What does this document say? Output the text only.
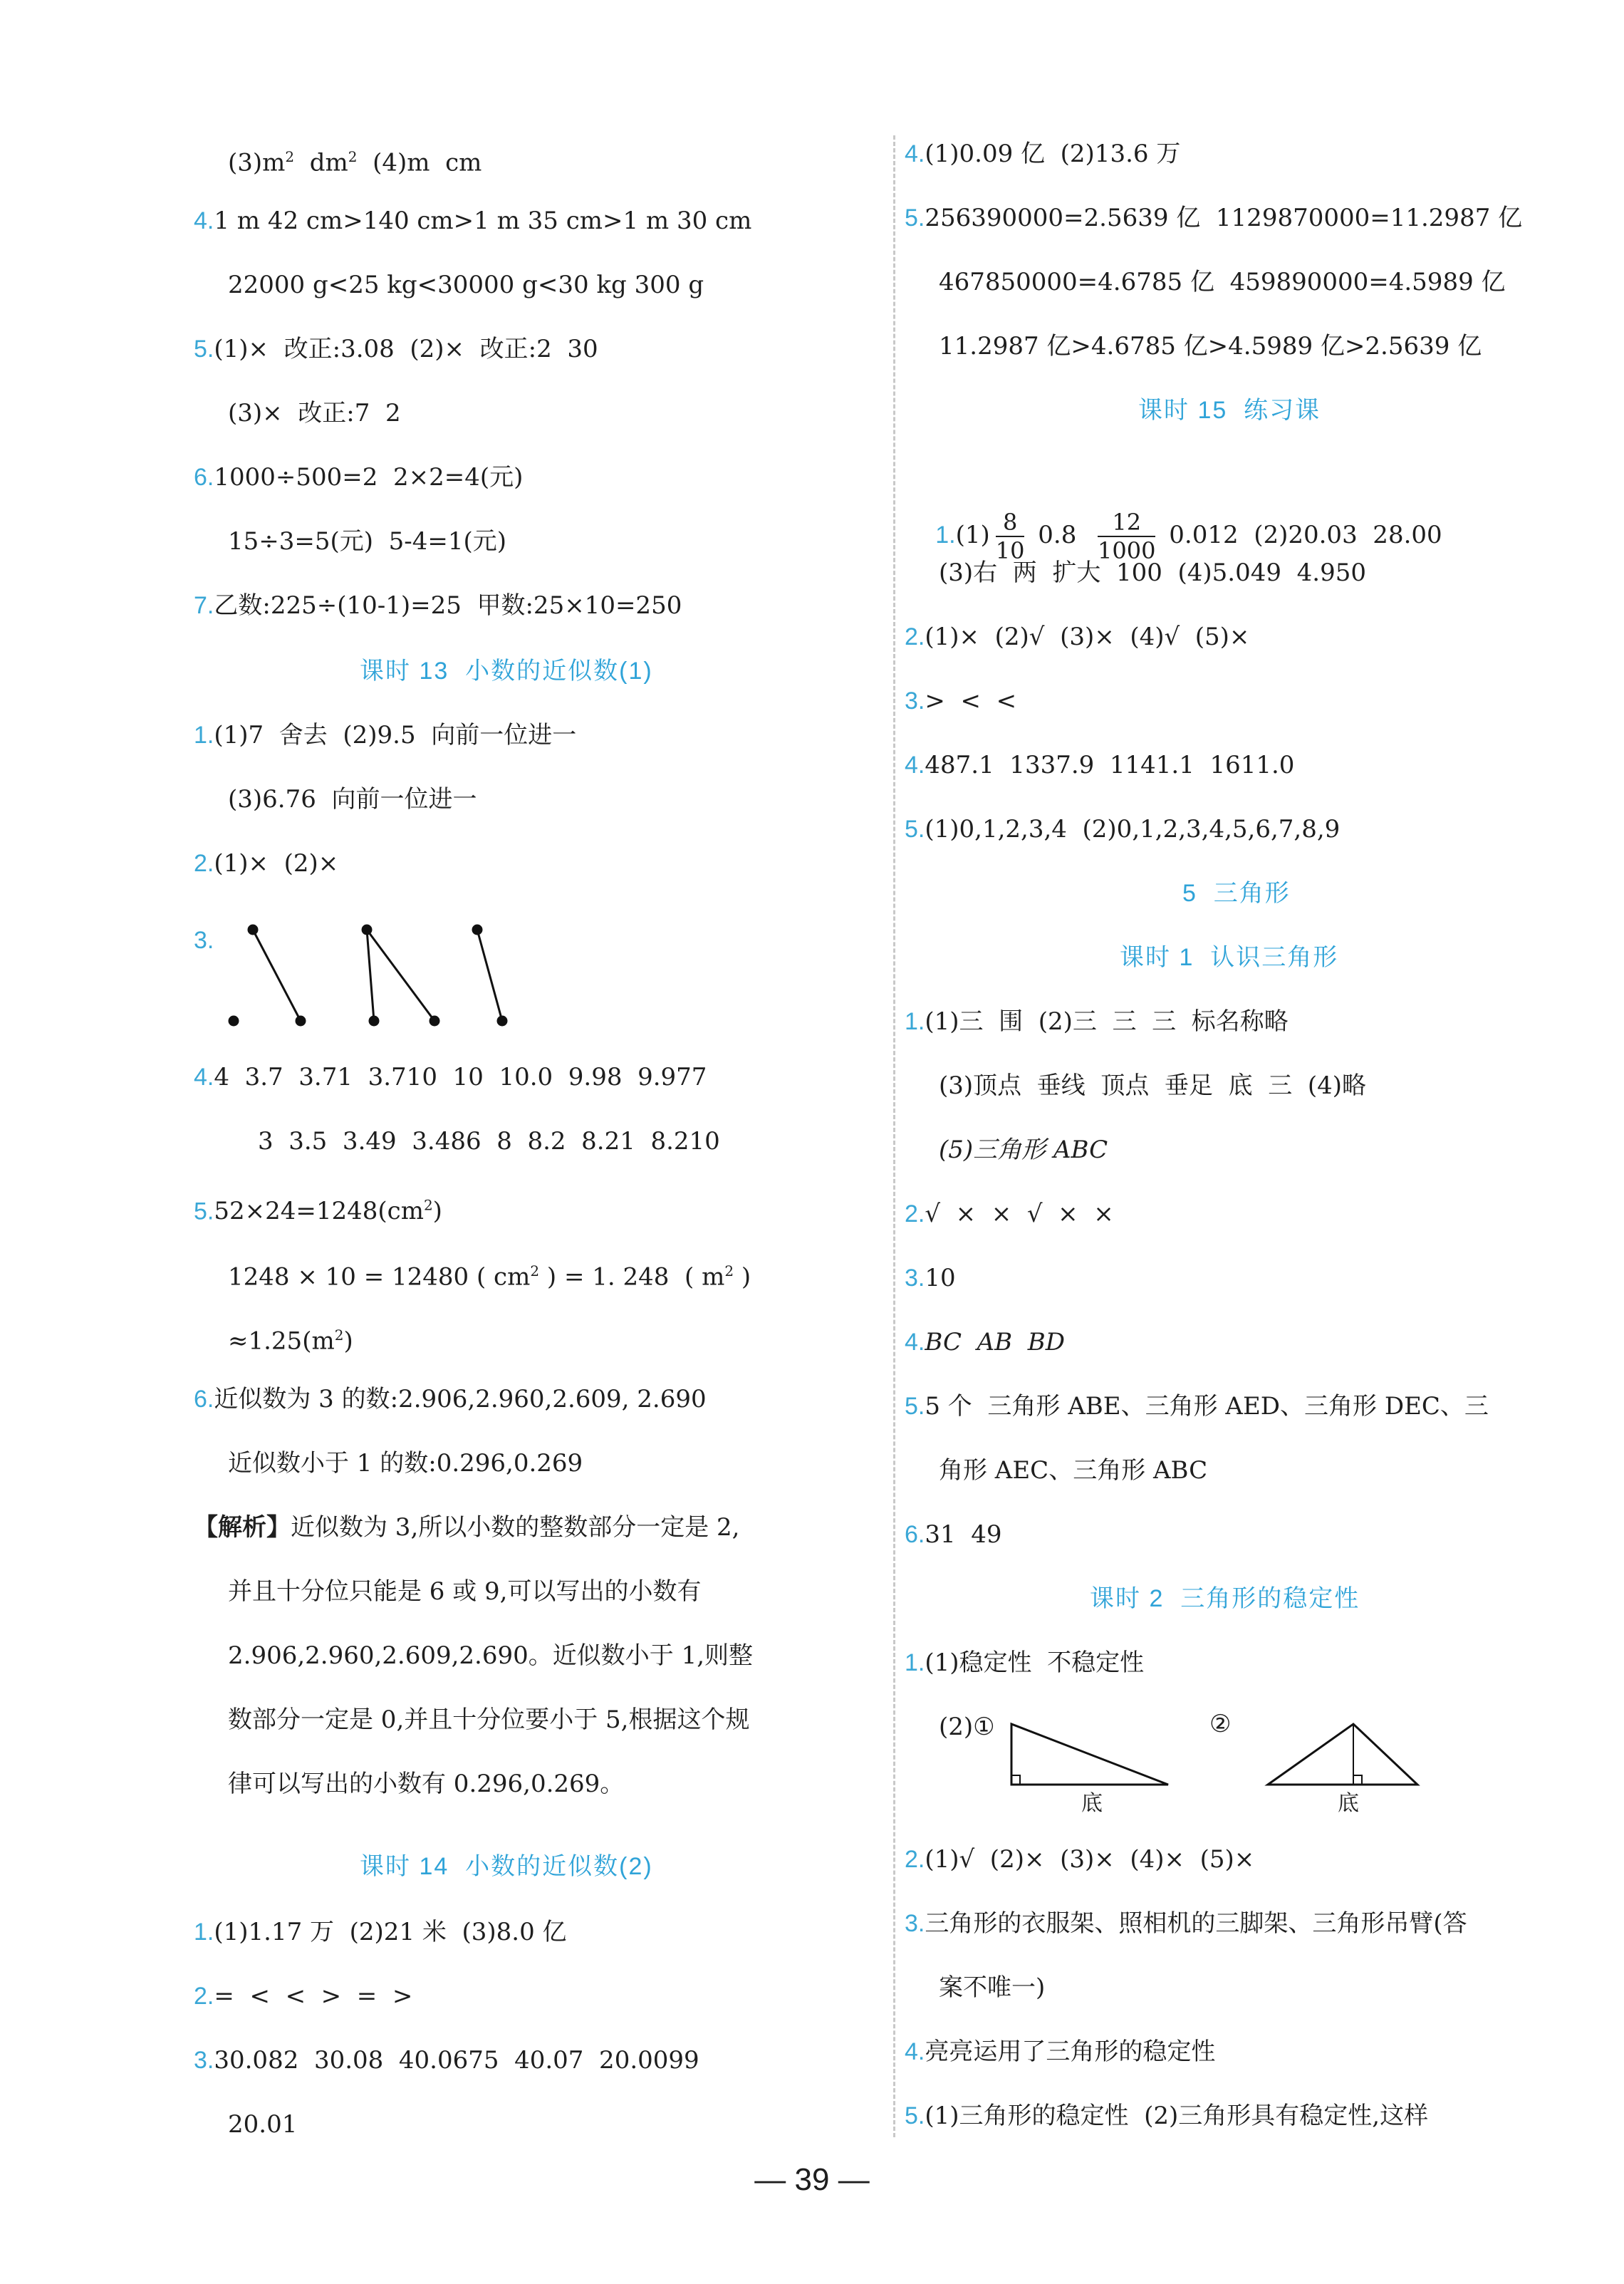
$(3)m^2$  $dm^2$  (4)m  cm
4.1 m 42 cm>140 cm>1 m 35 cm>1 m 30 cm
22000 g<25 kg<30000 g<30 kg 300 g
5.(1)×  改正:3.08  (2)×  改正:2  30
(3)×  改正:7  2
6.1000÷500=2  2×2=4(元)
15÷3=5(元)  5-4=1(元)
7.乙数:225÷(10-1)=25  甲数:25×10=250
课时 13  小数的近似数(1)
1.(1)7  舍去  (2)9.5  向前一位进一
(3)6.76  向前一位进一
2.(1)×  (2)×
3.
4.4  3.7  3.71  3.710  10  10.0  9.98  9.977
3  3.5  3.49  3.486  8  8.2  8.21  8.210
$5.52\times 24=1248(cm^2)$
1248 × 10 = 12480 ( $cm^2$ ) = 1. 248  ( $m^2$ )
$\approx 1.25(m^2)$
6.近似数为 3 的数:2.906,2.960,2.609, 2.690
近似数小于 1 的数:0.296,0.269
【解析】近似数为 3,所以小数的整数部分一定是 2,
并且十分位只能是 6 或 9,可以写出的小数有
2.906,2.960,2.609,2.690。近似数小于 1,则整
数部分一定是 0,并且十分位要小于 5,根据这个规
律可以写出的小数有 0.296,0.269。
课时 14  小数的近似数(2)
1.(1)1.17 万  (2)21 米  (3)8.0 亿
2.=  <  <  >  =  >
3.30.082  30.08  40.0675  40.07  20.0099
20.01
4.(1)0.09 亿  (2)13.6 万
5.256390000=2.5639 亿  1129870000=11.2987 亿
467850000=4.6785 亿  459890000=4.5989 亿
11.2987 亿>4.6785 亿>4.5989 亿>2.5639 亿
课时 15  练习课

$1.(1) \frac{8}{10} 0.8 \frac{12}{1000} 0.012$  (2)20.03  28.00

(3)右  两  扩大  100  (4)5.049  4.950
2.(1)×  (2)√  (3)×  (4)√  (5)×
3.>  <  <
4.487.1  1337.9  1141.1  1611.0
5.(1)0,1,2,3,4  (2)0,1,2,3,4,5,6,7,8,9
5  三角形
课时 1  认识三角形
1.(1)三  围  (2)三  三  三  标名称略
(3)顶点  垂线  顶点  垂足  底  三  (4)略
(5)三角形 ABC
2.√  ×  ×  √  ×  ×
3.10
4.BC  AB  BD
5.5 个  三角形 ABE、三角形 AED、三角形 DEC、三
角形 AEC、三角形 ABC
6.31  49
课时 2  三角形的稳定性
1.(1)稳定性  不稳定性
(2)①	②
底	底
2.(1)√  (2)×  (3)×  (4)×  (5)×
3.三角形的衣服架、照相机的三脚架、三角形吊臂(答
案不唯一)
4.亮亮运用了三角形的稳定性
5.(1)三角形的稳定性  (2)三角形具有稳定性,这样
— 39 —
